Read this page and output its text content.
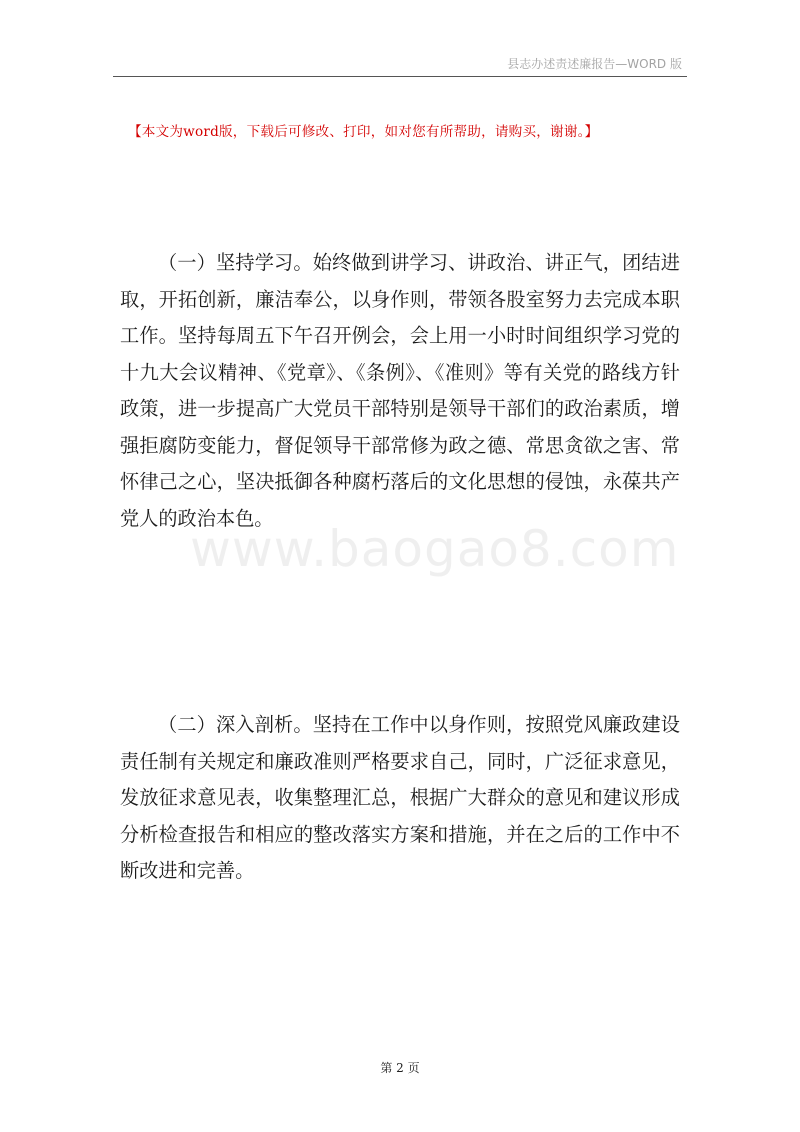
县志办述责述廉报告—WORD 版
【本文为word版，下载后可修改、打印，如对您有所帮助，请购买，谢谢。】

（一）坚持学习。始终做到讲学习、讲政治、讲正气，团结进取，开拓创新，廉洁奉公，以身作则，带领各股室努力去完成本职工作。坚持每周五下午召开例会，会上用一小时时间组织学习党的十九大会议精神、《党章》、《条例》、《准则》等有关党的路线方针政策，进一步提高广大党员干部特别是领导干部们的政治素质，增强拒腐防变能力，督促领导干部常修为政之德、常思贪欲之害、常怀律己之心，坚决抵御各种腐朽落后的文化思想的侵蚀，永葆共产党人的政治本色。

www.baogao8.com

（二）深入剖析。坚持在工作中以身作则，按照党风廉政建设责任制有关规定和廉政准则严格要求自己，同时，广泛征求意见，发放征求意见表，收集整理汇总，根据广大群众的意见和建议形成分析检查报告和相应的整改落实方案和措施，并在之后的工作中不断改进和完善。

第 2 页
